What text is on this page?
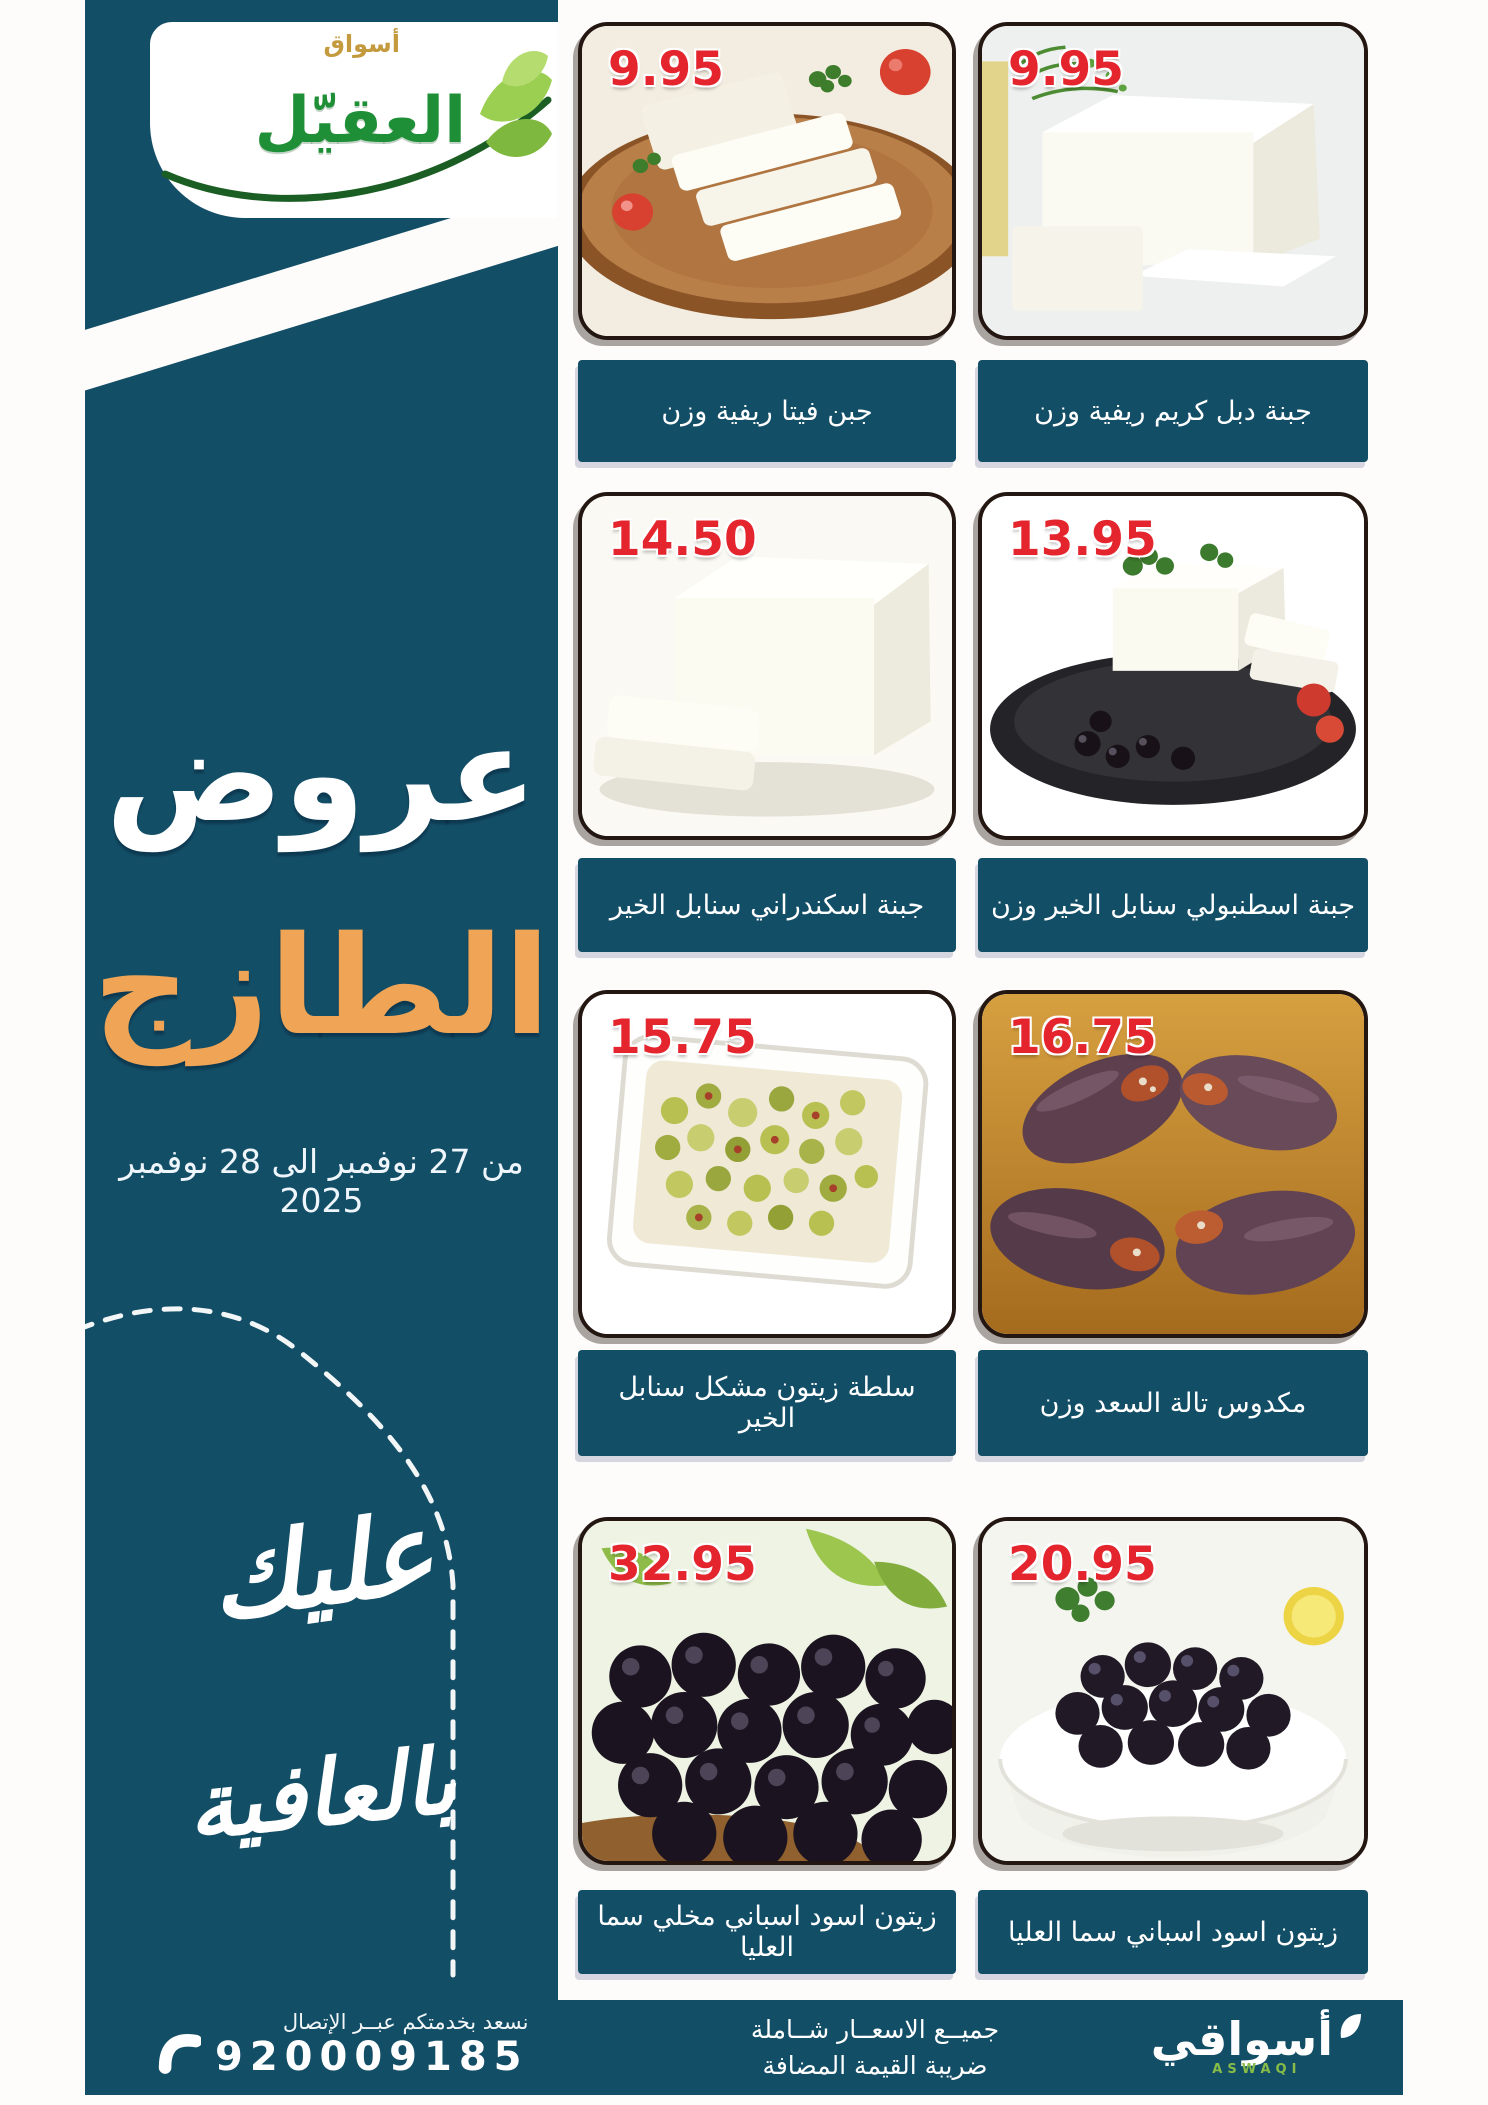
أسواق
العقيّل
عروض
الطازج
من 27 نوفمبر الى 28 نوفمبر 2025
عليك
بالعافية
9.95
جبن فيتا ريفية وزن
9.95
جبنة دبل كريم ريفية وزن
14.50
جبنة اسكندراني سنابل الخير
13.95
جبنة اسطنبولي سنابل الخير وزن
15.75
سلطة زيتون مشكل سنابل الخير
16.75
مكدوس تالة السعد وزن
32.95
زيتون اسود اسباني مخلي سما العليا
20.95
زيتون اسود اسباني سما العليا
نسعد بخدمتكم عبــر الإتصال
920009185
جميــع الاسعــار شــاملة
ضريبة القيمة المضافة	أسواقي
ASWAQI
